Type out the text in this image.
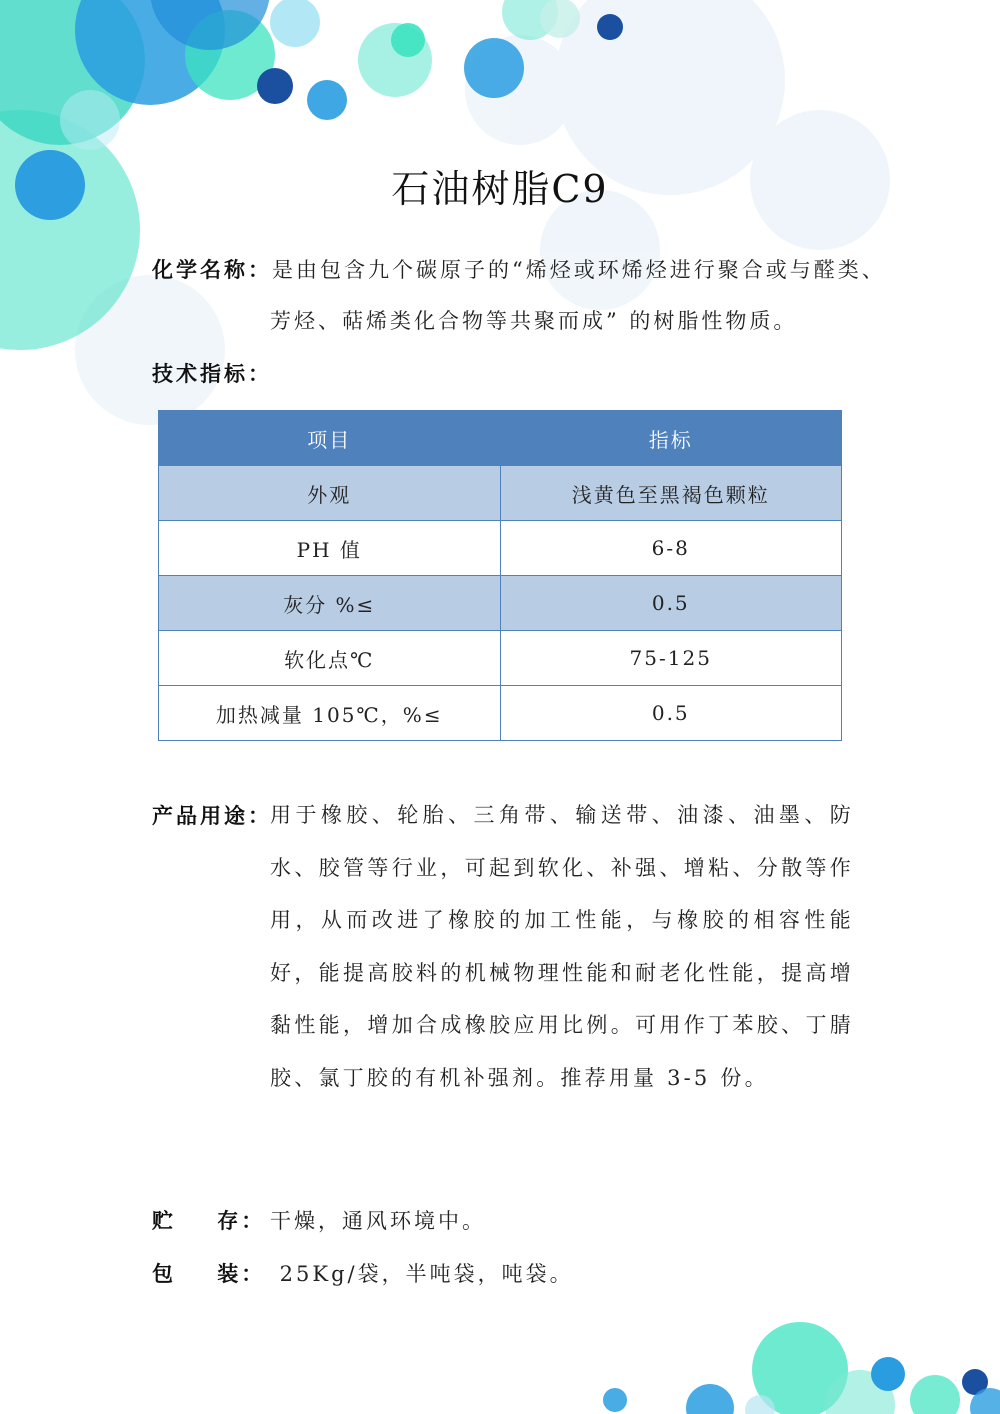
石油树脂C9
化学名称：是由包含九个碳原子的“烯烃或环烯烃进行聚合或与醛类、
芳烃、萜烯类化合物等共聚而成” 的树脂性物质。
技术指标：
项目	指标
外观	浅黄色至黑褐色颗粒
PH 值	6-8
灰分 %≤	0.5
软化点℃	75-125
加热减量 105℃，%≤	0.5
产品用途：
用于橡胶、轮胎、三角带、输送带、油漆、油墨、防水、胶管等行业，可起到软化、补强、增粘、分散等作用，从而改进了橡胶的加工性能，与橡胶的相容性能好，能提高胶料的机械物理性能和耐老化性能，提高增黏性能，增加合成橡胶应用比例。可用作丁苯胶、丁腈胶、氯丁胶的有机补强剂。推荐用量 3-5 份。
贮    存： 干燥，通风环境中。
包    装： 25Kg/袋，半吨袋，吨袋。
